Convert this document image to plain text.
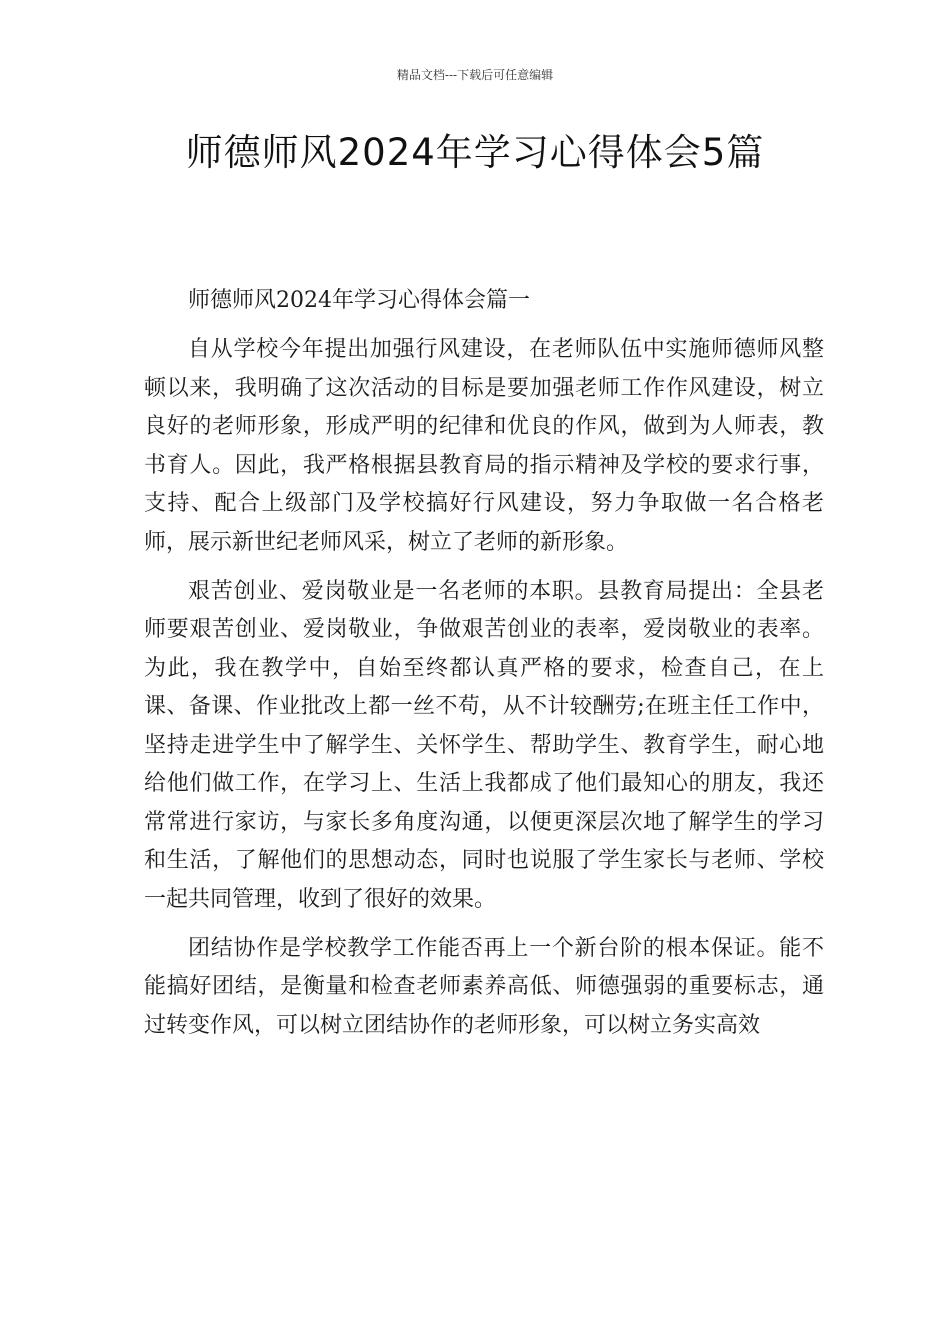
精品文档---下载后可任意编辑
师德师风2024年学习心得体会5篇

师德师风2024年学习心得体会篇一

自从学校今年提出加强行风建设，在老师队伍中实施师德师风整顿以来，我明确了这次活动的目标是要加强老师工作作风建设，树立良好的老师形象，形成严明的纪律和优良的作风，做到为人师表，教书育人。因此，我严格根据县教育局的指示精神及学校的要求行事，支持、配合上级部门及学校搞好行风建设，努力争取做一名合格老师，展示新世纪老师风采，树立了老师的新形象。

艰苦创业、爱岗敬业是一名老师的本职。县教育局提出：全县老师要艰苦创业、爱岗敬业，争做艰苦创业的表率，爱岗敬业的表率。为此，我在教学中，自始至终都认真严格的要求，检查自己，在上课、备课、作业批改上都一丝不苟，从不计较酬劳;在班主任工作中，坚持走进学生中了解学生、关怀学生、帮助学生、教育学生，耐心地给他们做工作，在学习上、生活上我都成了他们最知心的朋友，我还常常进行家访，与家长多角度沟通，以便更深层次地了解学生的学习和生活，了解他们的思想动态，同时也说服了学生家长与老师、学校一起共同管理，收到了很好的效果。

团结协作是学校教学工作能否再上一个新台阶的根本保证。能不能搞好团结，是衡量和检查老师素养高低、师德强弱的重要标志，通过转变作风，可以树立团结协作的老师形象，可以树立务实高效
